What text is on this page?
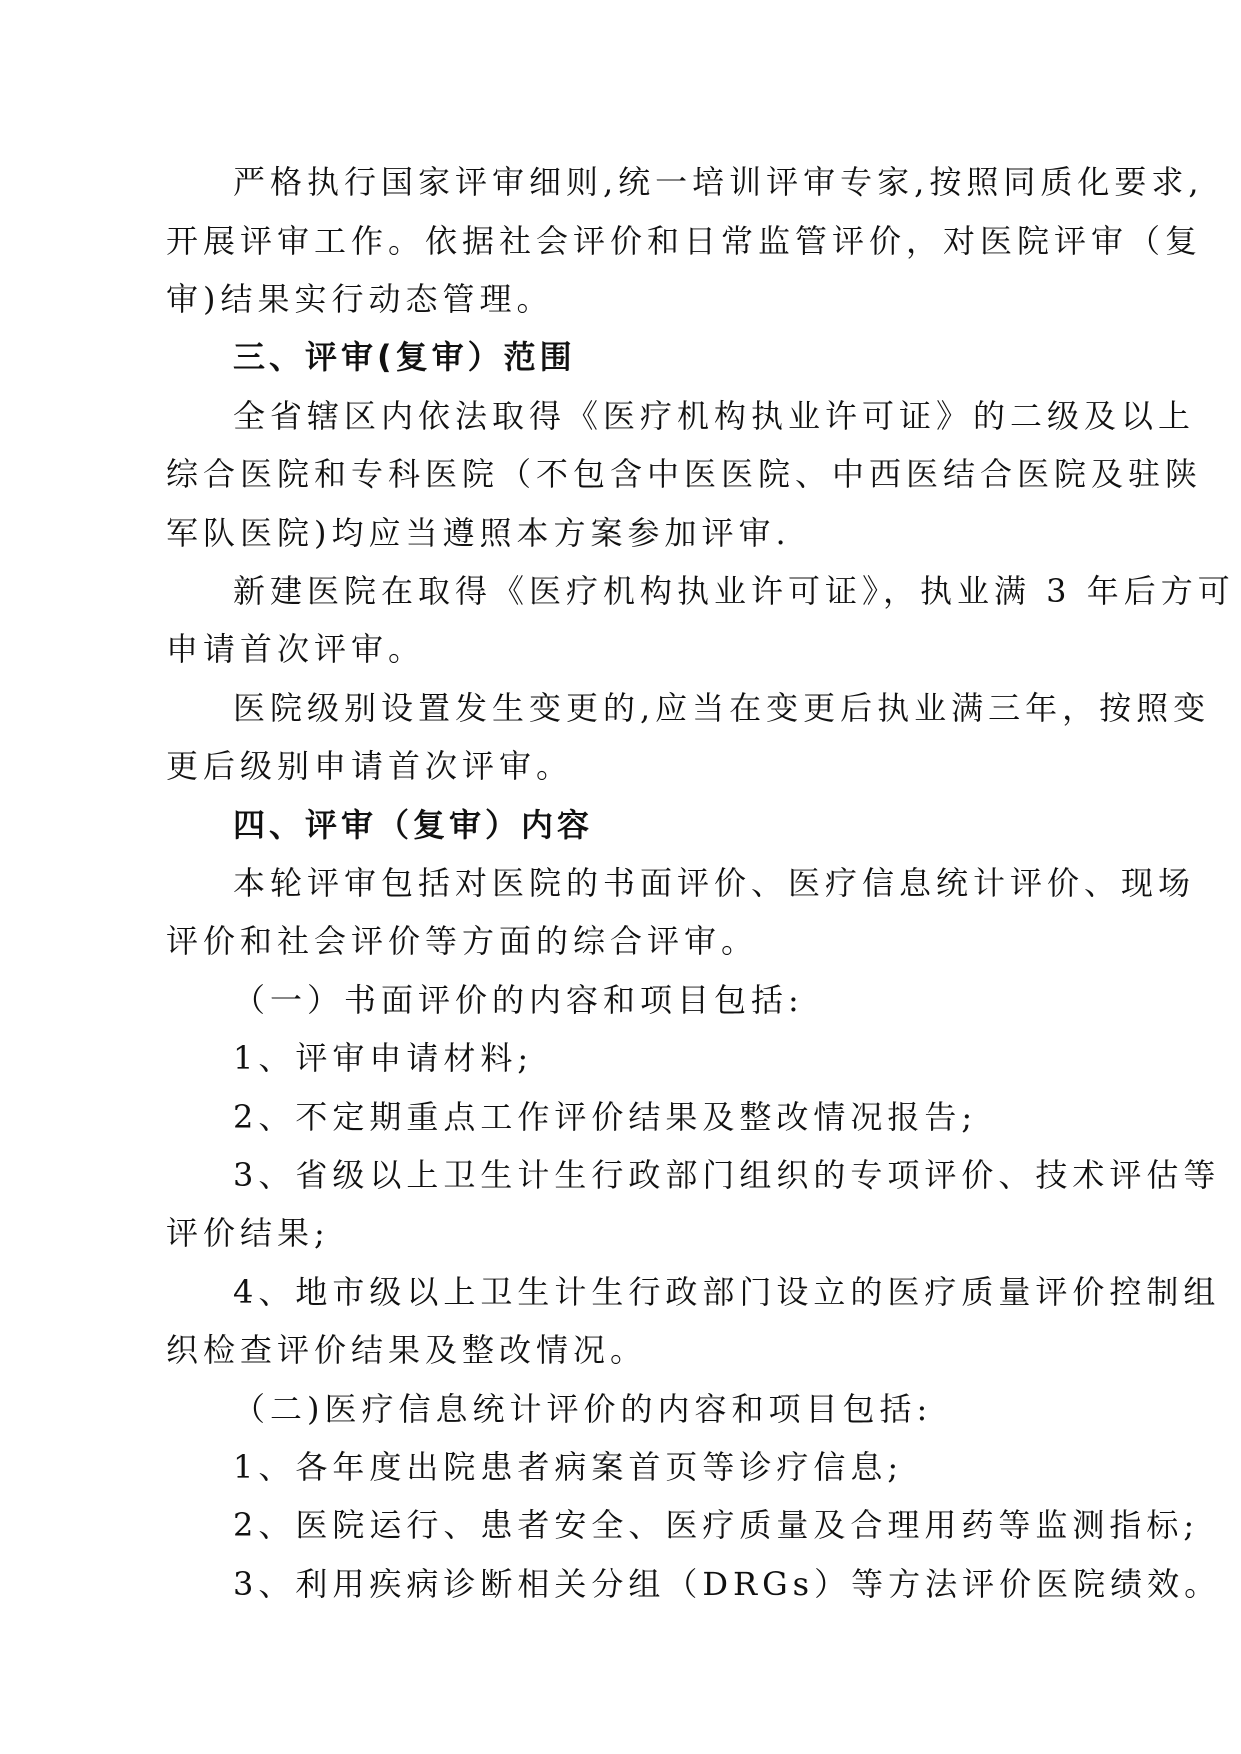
严格执行国家评审细则,统一培训评审专家,按照同质化要求,
开展评审工作。依据社会评价和日常监管评价，对医院评审（复
审)结果实行动态管理。
三、评审(复审）范围
全省辖区内依法取得《医疗机构执业许可证》的二级及以上
综合医院和专科医院（不包含中医医院、中西医结合医院及驻陕
军队医院)均应当遵照本方案参加评审.
新建医院在取得《医疗机构执业许可证》，执业满 3 年后方可
申请首次评审。
医院级别设置发生变更的,应当在变更后执业满三年，按照变
更后级别申请首次评审。
四、评审（复审）内容
本轮评审包括对医院的书面评价、医疗信息统计评价、现场
评价和社会评价等方面的综合评审。
（一）书面评价的内容和项目包括:
1、评审申请材料;
2、不定期重点工作评价结果及整改情况报告;
3、省级以上卫生计生行政部门组织的专项评价、技术评估等
评价结果;
4、地市级以上卫生计生行政部门设立的医疗质量评价控制组
织检查评价结果及整改情况。
（二)医疗信息统计评价的内容和项目包括:
1、各年度出院患者病案首页等诊疗信息;
2、医院运行、患者安全、医疗质量及合理用药等监测指标;
3、利用疾病诊断相关分组（DRGs）等方法评价医院绩效。
